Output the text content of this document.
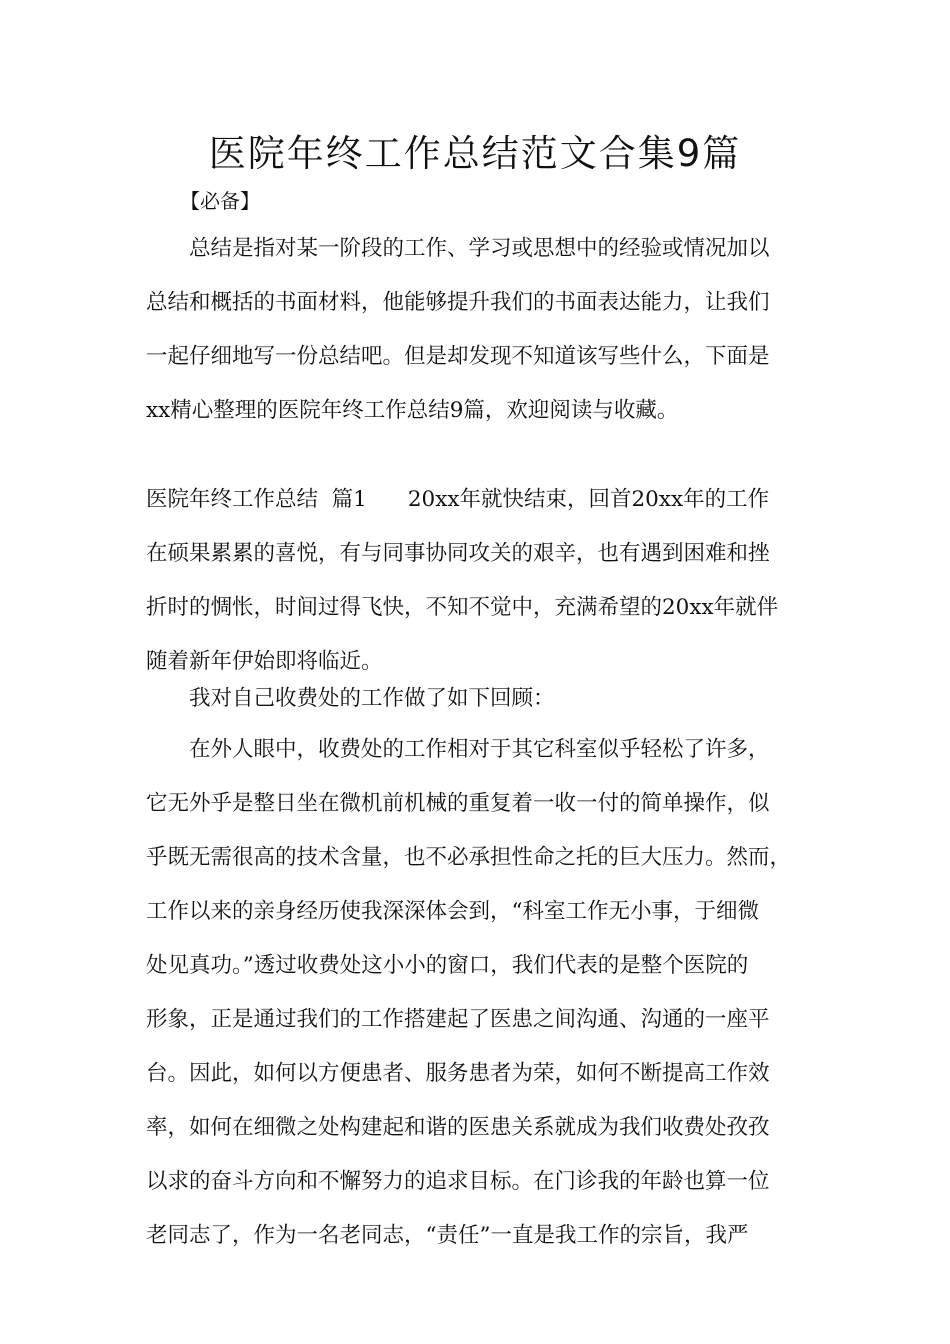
医院年终工作总结范文合集9篇
【必备】
总结是指对某一阶段的工作、学习或思想中的经验或情况加以
总结和概括的书面材料，他能够提升我们的书面表达能力，让我们
一起仔细地写一份总结吧。但是却发现不知道该写些什么，下面是
xx精心整理的医院年终工作总结9篇，欢迎阅读与收藏。
医院年终工作总结  篇1      20xx年就快结束，回首20xx年的工作
在硕果累累的喜悦，有与同事协同攻关的艰辛，也有遇到困难和挫
折时的惆怅，时间过得飞快，不知不觉中，充满希望的20xx年就伴
随着新年伊始即将临近。
我对自己收费处的工作做了如下回顾：
在外人眼中，收费处的工作相对于其它科室似乎轻松了许多，
它无外乎是整日坐在微机前机械的重复着一收一付的简单操作，似
乎既无需很高的技术含量，也不必承担性命之托的巨大压力。然而，
工作以来的亲身经历使我深深体会到，“科室工作无小事，于细微
处见真功。”透过收费处这小小的窗口，我们代表的是整个医院的
形象，正是通过我们的工作搭建起了医患之间沟通、沟通的一座平
台。因此，如何以方便患者、服务患者为荣，如何不断提高工作效
率，如何在细微之处构建起和谐的医患关系就成为我们收费处孜孜
以求的奋斗方向和不懈努力的追求目标。在门诊我的年龄也算一位
老同志了，作为一名老同志，“责任”一直是我工作的宗旨，我严
